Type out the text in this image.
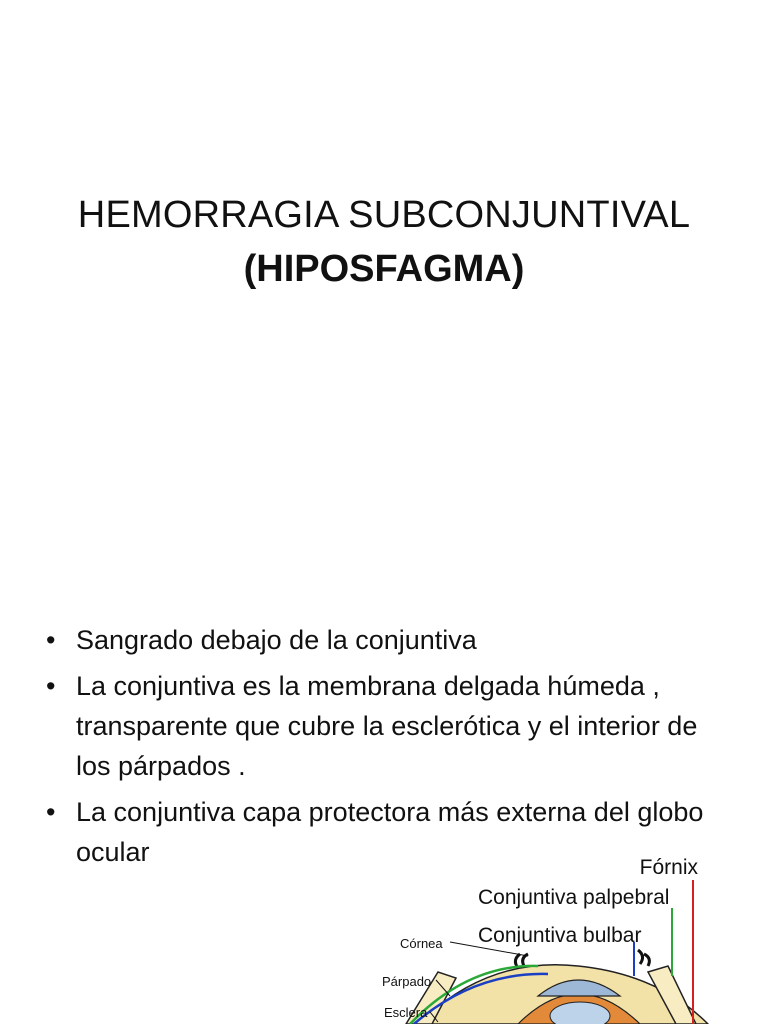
HEMORRAGIA SUBCONJUNTIVAL
(HIPOSFAGMA)
• Sangrado debajo de la conjuntiva
• La conjuntiva es la membrana delgada húmeda , transparente que cubre la esclerótica y el interior de los párpados .
• La conjuntiva capa protectora más externa del globo ocular
Fórnix
Conjuntiva palpebral
Conjuntiva bulbar
Córnea
Párpado
Esclera
